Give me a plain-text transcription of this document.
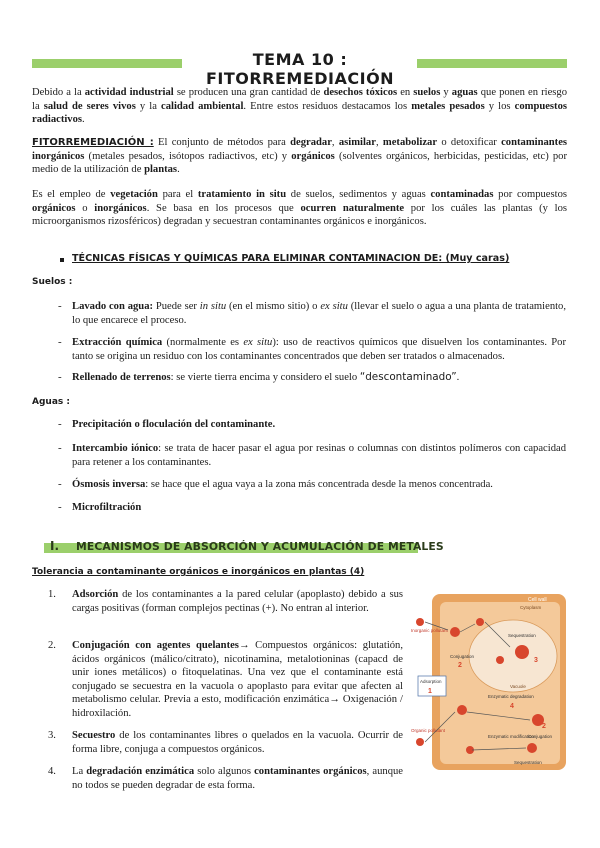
TEMA 10 : FITORREMEDIACIÓN
Debido a la actividad industrial se producen una gran cantidad de desechos tóxicos en suelos y aguas que ponen en riesgo la salud de seres vivos y la calidad ambiental. Entre estos residuos destacamos los metales pesados y los compuestos radiactivos.
FITORREMEDIACIÓN : El conjunto de métodos para degradar, asimilar, metabolizar o detoxificar contaminantes inorgánicos (metales pesados, isótopos radiactivos, etc) y orgánicos (solventes orgánicos, herbicidas, pesticidas, etc) por medio de la utilización de plantas.
Es el empleo de vegetación para el tratamiento in situ de suelos, sedimentos y aguas contaminadas por compuestos orgánicos o inorgánicos. Se basa en los procesos que ocurren naturalmente por los cuáles las plantas (y los microorganismos rizosféricos) degradan y secuestran contaminantes orgánicos e inorgánicos.
TÉCNICAS FÍSICAS Y QUÍMICAS PARA ELIMINAR CONTAMINACION DE: (Muy caras)
Suelos :
- Lavado con agua: Puede ser in situ (en el mismo sitio) o ex situ (llevar el suelo o agua a una planta de tratamiento, lo que encarece el proceso.
- Extracción química (normalmente es ex situ): uso de reactivos químicos que disuelven los contaminantes. Por tanto se origina un residuo con los contaminantes concentrados que deben ser tratados o almacenados.
- Rellenado de terrenos: se vierte tierra encima y considero el suelo “descontaminado”.
Aguas :
- Precipitación o floculación del contaminante.
- Intercambio iónico: se trata de hacer pasar el agua por resinas o columnas con distintos polímeros con capacidad para retener a los contaminantes.
- Ósmosis inversa: se hace que el agua vaya a la zona más concentrada desde la menos concentrada.
- Microfiltración
I. MECANISMOS DE ABSORCIÓN Y ACUMULACIÓN DE METALES
Tolerancia a contaminante orgánicos e inorgánicos en plantas (4)
1. Adsorción de los contaminantes a la pared celular (apoplasto) debido a sus cargas positivas (forman complejos pectinas (+). No entran al interior.
2. Conjugación con agentes quelantes→ Compuestos orgánicos: glutatión, ácidos orgánicos (málico/citrato), nicotinamina, metalotioninas (capacd de unir iones metálicos) o fitoquelatinas. Una vez que el contaminante está conjugado se secuestra en la vacuola o apoplasto para evitar que afecten al metabolismo celular. Previa a esto, modificación enzimática→ Oxigenación / hidroxilación.
3. Secuestro de los contaminantes libres o quelados en la vacuola. Ocurrir de forma libre, conjuga a compuestos orgánicos.
4. La degradación enzimática solo algunos contaminantes orgánicos, aunque no todos se pueden degradar de esta forma.
Cell wall
Cytoplasm
Vacuole
Inorganic pollutant
Organic pollutant
Adsorption
1
Conjugation
2
Sequestration
3
Enzymatic degradation
4
Enzymatic modification
Conjugation
2
Sequestration
